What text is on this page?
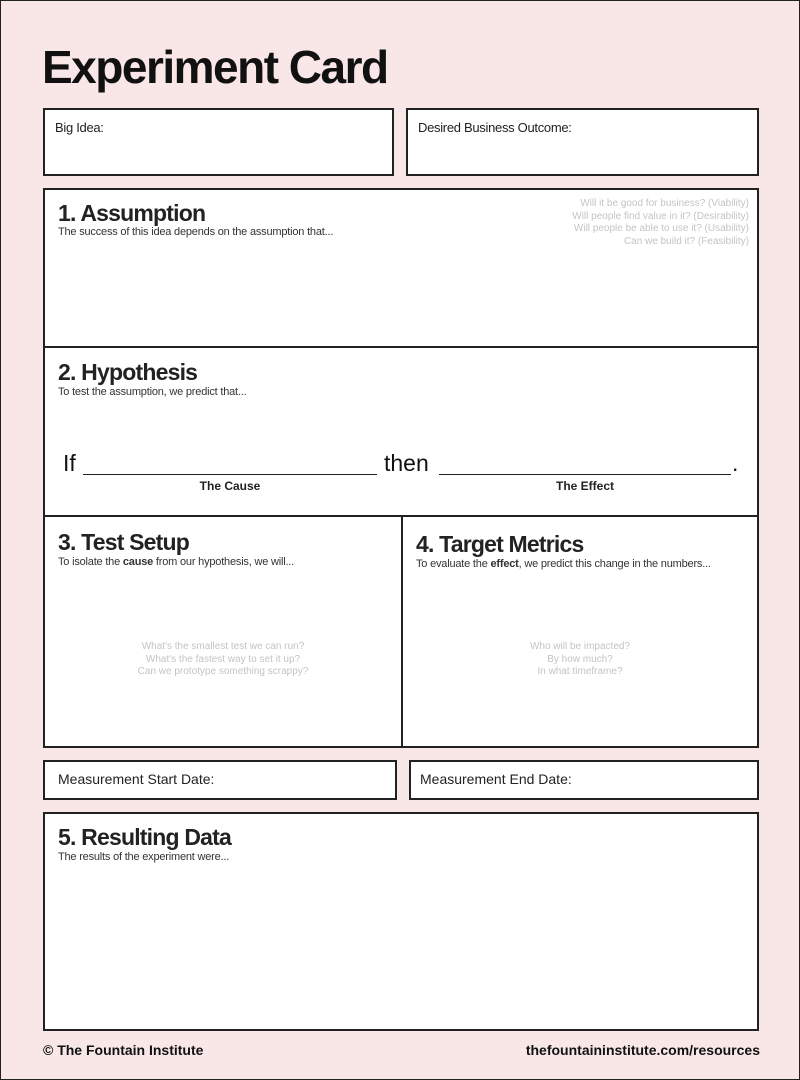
Experiment Card
Big Idea:	Desired Business Outcome:
1. Assumption
The success of this idea depends on the assumption that...
Will it be good for business? (Viability)
Will people find value in it? (Desirability)
Will people be able to use it? (Usability)
Can we build it? (Feasibility)
2. Hypothesis
To test the assumption, we predict that...
If	then	.
The Cause	The Effect
3. Test Setup
To isolate the cause from our hypothesis, we will...
What's the smallest test we can run?
What's the fastest way to set it up?
Can we prototype something scrappy?
4. Target Metrics
To evaluate the effect, we predict this change in the numbers...
Who will be impacted?
By how much?
In what timeframe?
Measurement Start Date:	Measurement End Date:
5. Resulting Data
The results of the experiment were...
© The Fountain Institute	thefountaininstitute.com/resources
